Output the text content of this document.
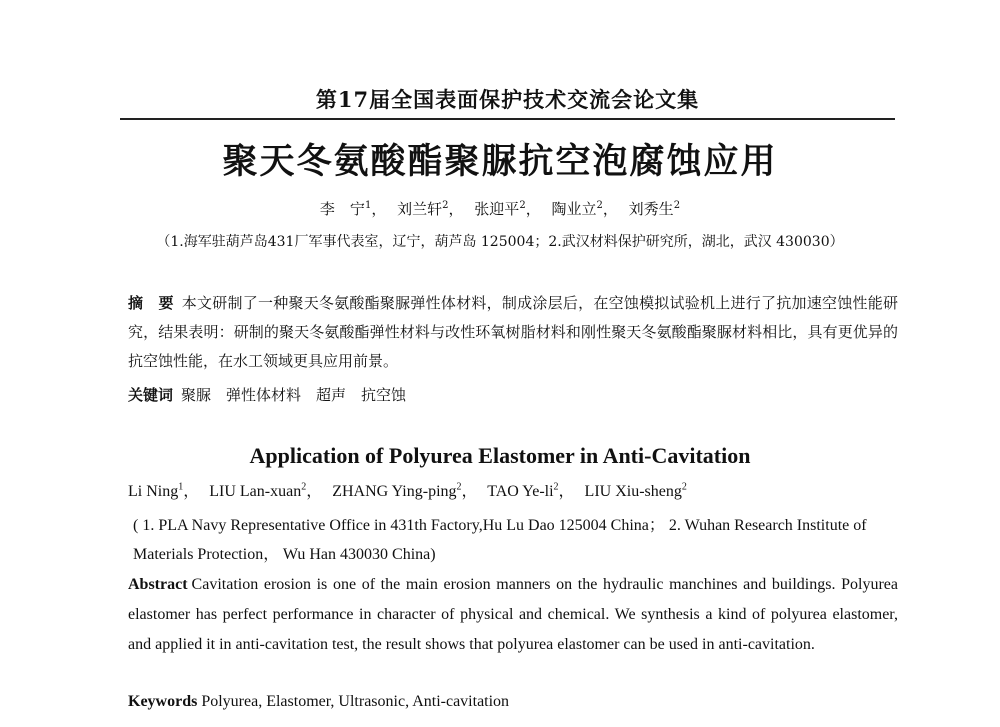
第17届全国表面保护技术交流会论文集
聚天冬氨酸酯聚脲抗空泡腐蚀应用
李　宁$^1$， 刘兰轩$^2$， 张迎平$^2$， 陶业立$^2$， 刘秀生$^2$
（1.海军驻葫芦岛431厂军事代表室，辽宁，葫芦岛 125004；2.武汉材料保护研究所，湖北，武汉 430030）
摘　要 本文研制了一种聚天冬氨酸酯聚脲弹性体材料，制成涂层后，在空蚀模拟试验机上进行了抗加速空蚀性能研究，结果表明：研制的聚天冬氨酸酯弹性材料与改性环氧树脂材料和刚性聚天冬氨酸酯聚脲材料相比，具有更优异的抗空蚀性能，在水工领域更具应用前景。
关键词 聚脲　弹性体材料　超声　抗空蚀
Application of Polyurea Elastomer in Anti-Cavitation
Li Ning$^1$， LIU Lan-xuan$^2$， ZHANG Ying-ping$^2$， TAO $Ye-li^2$， LIU Xiu-sheng$^2$
( 1. PLA Navy Representative Office in 431th Factory,Hu Lu Dao 125004 China； 2. Wuhan Research Institute of Materials Protection， Wu Han 430030 China)
Abstract Cavitation erosion is one of the main erosion manners on the hydraulic manchines and buildings. Polyurea elastomer has perfect performance in character of physical and chemical. We synthesis a kind of polyurea elastomer, and applied it in anti-cavitation test, the result shows that polyurea elastomer can be used in anti-cavitation.
Keywords Polyurea, Elastomer, Ultrasonic, Anti-cavitation
